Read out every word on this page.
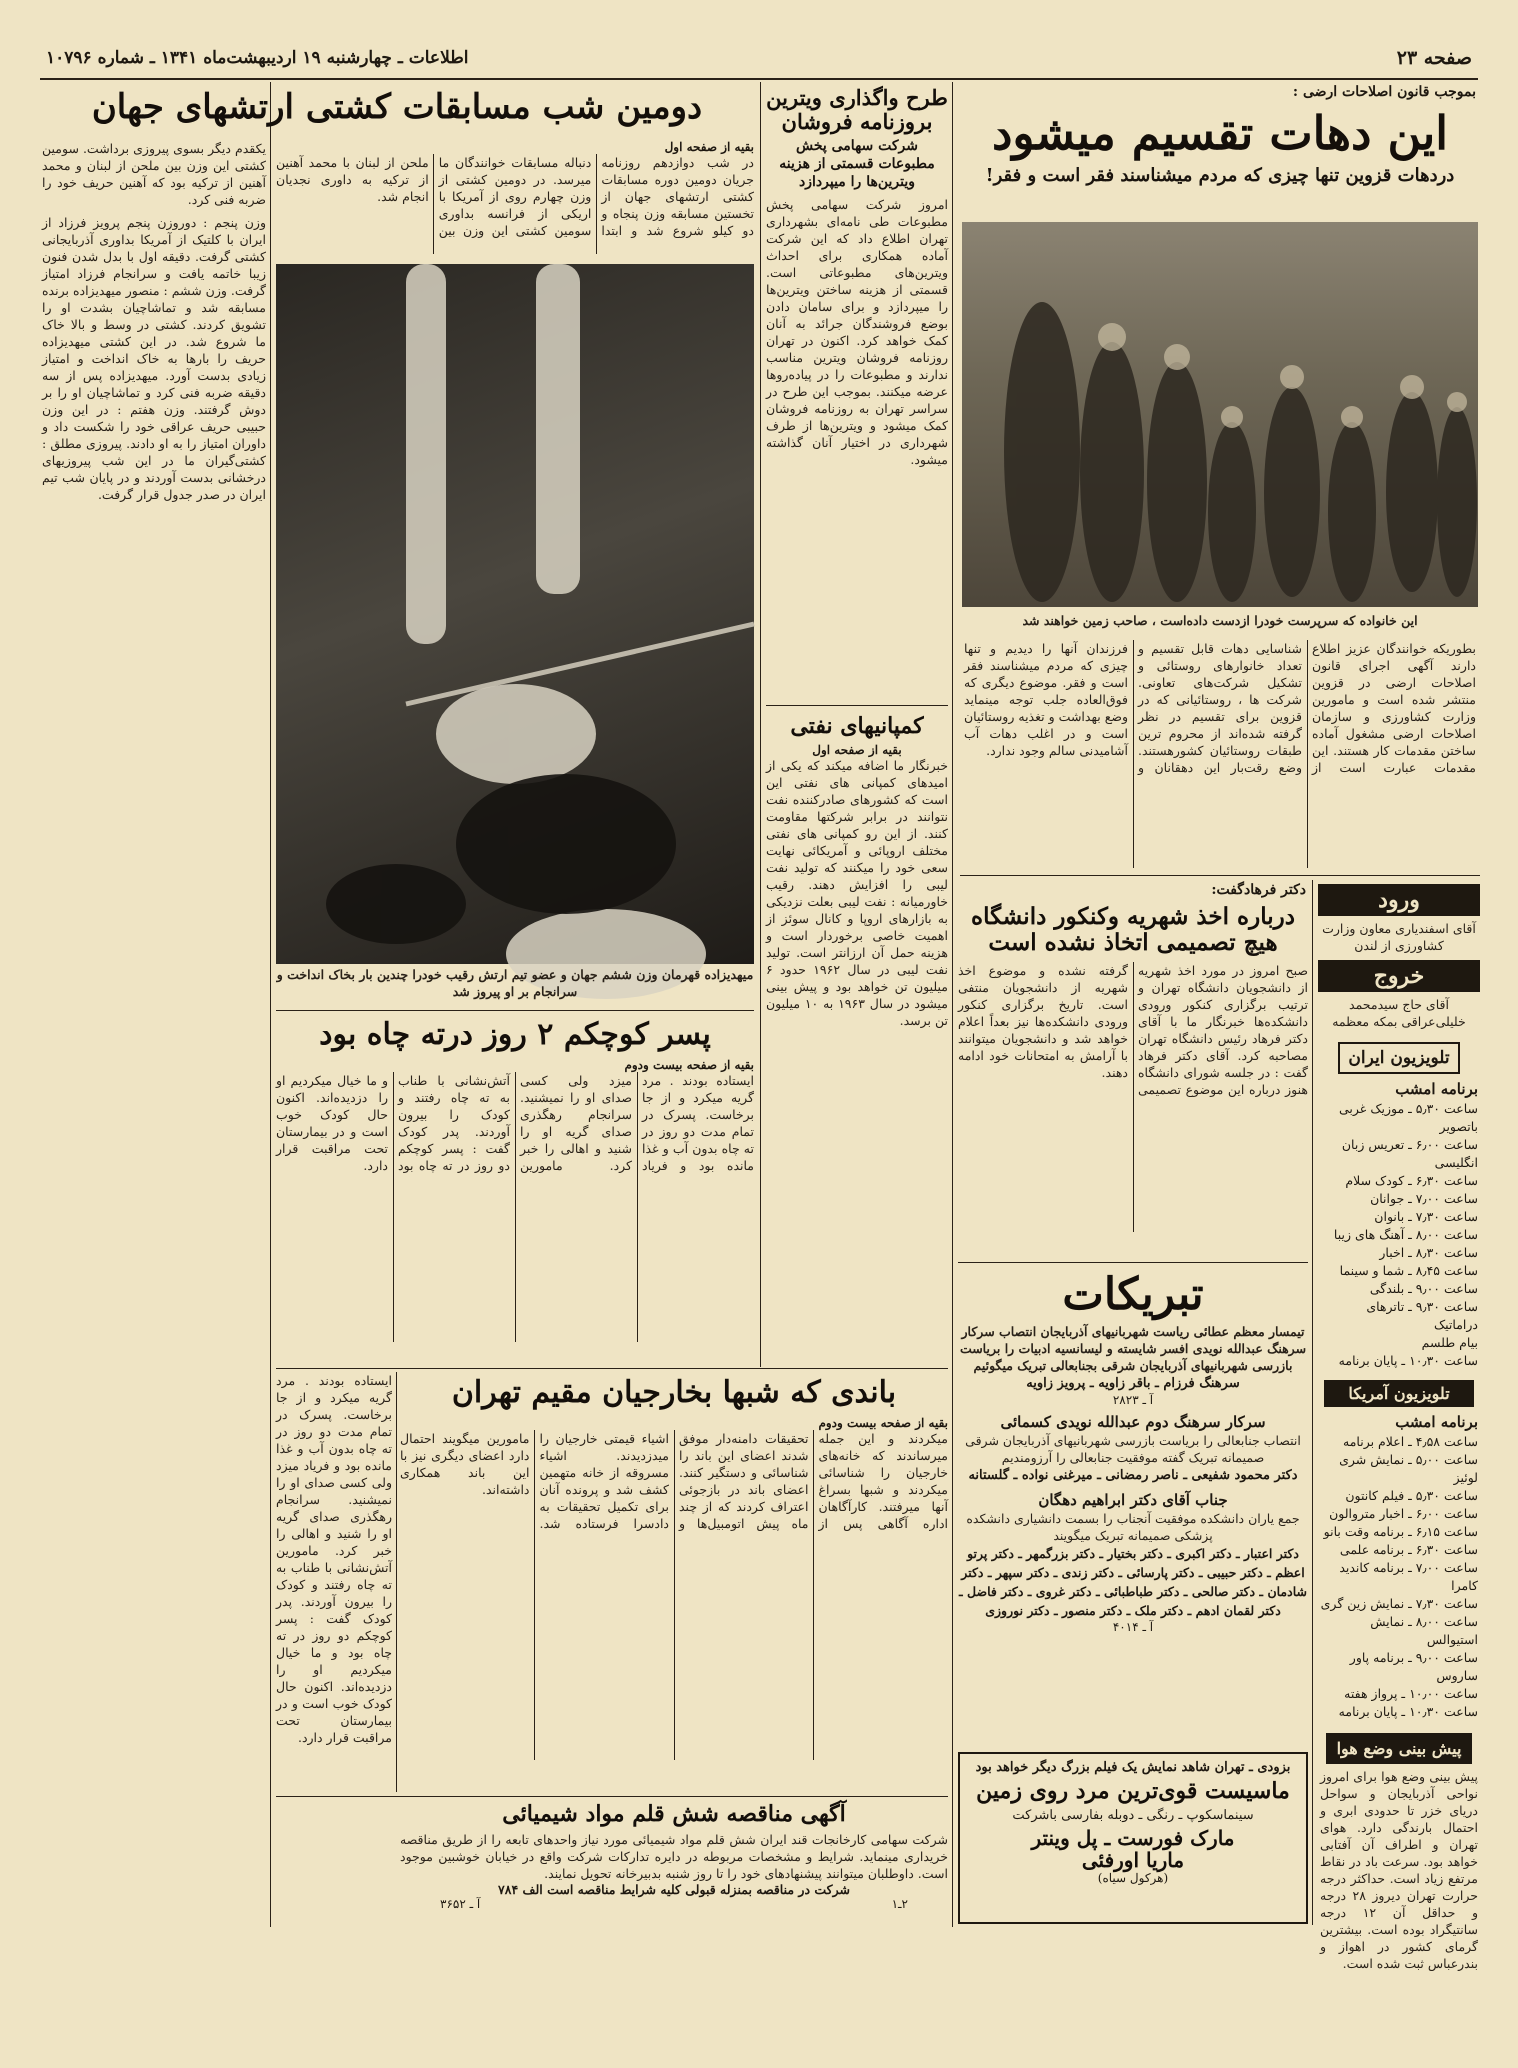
صفحه ۲۳
اطلاعات ـ چهارشنبه ۱۹ اردیبهشت‌ماه ۱۳۴۱ ـ شماره ۱۰۷۹۶
بموجب قانون اصلاحات ارضی :
این دهات تقسیم میشود
دردهات قزوین تنها چیزی که مردم میشناسند فقر است و فقر!
این خانواده که سرپرست خودرا ازدست داده‌است ، صاحب زمین خواهند شد
بطوریکه خوانندگان عزیز اطلاع دارند آگهی اجرای قانون اصلاحات ارضی در قزوین منتشر شده است و مامورین وزارت کشاورزی و سازمان اصلاحات ارضی مشغول آماده ساختن مقدمات کار هستند. این مقدمات عبارت است از شناسایی دهات قابل تقسیم و تعداد خانوارهای روستائی و تشکیل شرکت‌های تعاونی. شرکت ها ، روستائیانی که در قزوین برای تقسیم در نظر گرفته شده‌اند از محروم ترین طبقات روستائیان کشورهستند. وضع رقت‌بار این دهقانان و فرزندان آنها را دیدیم و تنها چیزی که مردم میشناسند فقر است و فقر. موضوع دیگری که فوق‌العاده جلب توجه مینماید وضع بهداشت و تغذیه روستائیان است و در اغلب دهات آب آشامیدنی سالم وجود ندارد.
ورود
آقای اسفندیاری معاون وزارت کشاورزی از لندن
خروج
آقای حاج سیدمحمد خلیلی‌عراقی بمکه معظمه
تلویزیون ایران
برنامه امشب
ساعت ۵٫۳۰ ـ موزیک غربی باتصویر
ساعت ۶٫۰۰ ـ تعریس زبان انگلیسی
ساعت ۶٫۳۰ ـ کودک سلام
ساعت ۷٫۰۰ ـ جوانان
ساعت ۷٫۳۰ ـ بانوان
ساعت ۸٫۰۰ ـ آهنگ های زیبا
ساعت ۸٫۳۰ ـ اخبار
ساعت ۸٫۴۵ ـ شما و سینما
ساعت ۹٫۰۰ ـ بلندگی
ساعت ۹٫۳۰ ـ تاترهای دراماتیک
بیام طلسم
ساعت ۱۰٫۳۰ ـ پایان برنامه
تلویزیون آمریکا
برنامه امشب
ساعت ۴٫۵۸ ـ اعلام برنامه
ساعت ۵٫۰۰ ـ نمایش شری لوئیز
ساعت ۵٫۳۰ ـ فیلم کانتون
ساعت ۶٫۰۰ ـ اخبار متروالون
ساعت ۶٫۱۵ ـ برنامه وقت بانو
ساعت ۶٫۳۰ ـ برنامه علمی
ساعت ۷٫۰۰ ـ برنامه کاندید کامرا
ساعت ۷٫۳۰ ـ نمایش زین گری
ساعت ۸٫۰۰ ـ نمایش استیوالس
ساعت ۹٫۰۰ ـ برنامه پاور ساروس
ساعت ۱۰٫۰۰ ـ پرواز هفته
ساعت ۱۰٫۳۰ ـ پایان برنامه
پیش بینی وضع هوا
پیش بینی وضع هوا برای امروز نواحی آذربایجان و سواحل دریای خزر تا حدودی ابری و احتمال بارندگی دارد. هوای تهران و اطراف آن آفتابی خواهد بود. سرعت باد در نقاط مرتفع زیاد است. حداکثر درجه حرارت تهران دیروز ۲۸ درجه و حداقل آن ۱۲ درجه سانتیگراد بوده است. بیشترین گرمای کشور در اهواز و بندرعباس ثبت شده است.
دکتر فرهادگفت:
درباره اخذ شهریه وکنکور دانشگاه هیچ تصمیمی اتخاذ نشده است
صبح امروز در مورد اخذ شهریه از دانشجویان دانشگاه تهران و ترتیب برگزاری کنکور ورودی دانشکده‌ها خبرنگار ما با آقای دکتر فرهاد رئیس دانشگاه تهران مصاحبه کرد. آقای دکتر فرهاد گفت : در جلسه شورای دانشگاه هنوز درباره این موضوع تصمیمی گرفته نشده و موضوع اخذ شهریه از دانشجویان منتفی است. تاریخ برگزاری کنکور ورودی دانشکده‌ها نیز بعداً اعلام خواهد شد و دانشجویان میتوانند با آرامش به امتحانات خود ادامه دهند.
تبریکات
تیمسار معظم عطائی ریاست شهربانیهای آذربایجان انتصاب سرکار سرهنگ عبدالله نویدی افسر شایسته و لیسانسیه ادبیات را بریاست بازرسی شهربانیهای آذربایجان شرقی بجنابعالی تبریک میگوئیم
سرهنگ فرزام ـ باقر زاویه ـ پرویز زاویه
آ ـ ۲۸۲۳
سرکار سرهنگ دوم عبدالله نویدی کسمائی
انتصاب جنابعالی را بریاست بازرسی شهربانیهای آذربایجان شرقی صمیمانه تبریک گفته موفقیت جنابعالی را آرزومندیم
دکتر محمود شفیعی ـ ناصر رمضانی ـ میرغنی نواده ـ گلستانه
جناب آقای دکتر ابراهیم دهگان
جمع یاران دانشکده موفقیت آنجناب را بسمت دانشیاری دانشکده پزشکی صمیمانه تبریک میگویند
دکتر اعتبار ـ دکتر اکبری ـ دکتر بختیار ـ دکتر بزرگمهر ـ دکتر پرتو اعظم ـ دکتر حبیبی ـ دکتر پارسائی ـ دکتر زندی ـ دکتر سپهر ـ دکتر شادمان ـ دکتر صالحی ـ دکتر طباطبائی ـ دکتر غروی ـ دکتر فاضل ـ دکتر لقمان ادهم ـ دکتر ملک ـ دکتر منصور ـ دکتر نوروزی
آ ـ ۴۰۱۴
بزودی ـ تهران شاهد نمایش یک فیلم بزرگ دیگر خواهد بود
ماسیست قوی‌ترین مرد روی زمین
سینماسکوپ ـ رنگی ـ دوبله بفارسی باشرکت
مارک فورست ـ پل وینتر
ماریا اورفئی
(هرکول سیاه)
طرح واگذاری ویترین بروزنامه فروشان
شرکت سهامی پخش مطبوعات قسمتی از هزینه ویترین‌ها را میپردازد
امروز شرکت سهامی پخش مطبوعات طی نامه‌ای بشهرداری تهران اطلاع داد که این شرکت آماده همکاری برای احداث ویترین‌های مطبوعاتی است. قسمتی از هزینه ساختن ویترین‌ها را میپردازد و برای سامان دادن بوضع فروشندگان جرائد به آنان کمک خواهد کرد. اکنون در تهران روزنامه فروشان ویترین مناسب ندارند و مطبوعات را در پیاده‌روها عرضه میکنند. بموجب این طرح در سراسر تهران به روزنامه فروشان کمک میشود و ویترین‌ها از طرف شهرداری در اختیار آنان گذاشته میشود.
کمپانیهای نفتی
بقیه از صفحه اول
خبرنگار ما اضافه میکند که یکی از امیدهای کمپانی های نفتی این است که کشورهای صادرکننده نفت نتوانند در برابر شرکتها مقاومت کنند. از این رو کمپانی های نفتی مختلف اروپائی و آمریکائی نهایت سعی خود را میکنند که تولید نفت لیبی را افزایش دهند. رقیب خاورمیانه : نفت لیبی بعلت نزدیکی به بازارهای اروپا و کانال سوئز از اهمیت خاصی برخوردار است و هزینه حمل آن ارزانتر است. تولید نفت لیبی در سال ۱۹۶۲ حدود ۶ میلیون تن خواهد بود و پیش بینی میشود در سال ۱۹۶۳ به ۱۰ میلیون تن برسد.
دومین شب مسابقات کشتی ارتشهای جهان
بقیه از صفحه اول
در شب دوازدهم روزنامه جریان دومین دوره مسابقات کشتی ارتشهای جهان از تخستین مسابقه وزن پنجاه و دو کیلو شروع شد و ابتدا دنباله مسابقات خوانندگان ما میرسد. در دومین کشتی از وزن چهارم روی از آمریکا با اریکی از فرانسه بداوری سومین کشتی این وزن بین ملحن از لبنان با محمد آهنین از ترکیه به داوری نجدیان انجام شد.
میهدیزاده قهرمان وزن ششم جهان و عضو تیم ارتش رقیب خودرا چندین بار بخاک انداخت و سرانجام بر او پیروز شد
یکقدم دیگر بسوی پیروزی برداشت. سومین کشتی این وزن بین ملحن از لبنان و محمد آهنین از ترکیه بود که آهنین حریف خود را ضربه فنی کرد.
وزن پنجم : دوروزن پنجم پرویز فرزاد از ایران با کلتیک از آمریکا بداوری آذربایجانی کشتی گرفت. دقیقه اول با بدل شدن فنون زیبا خاتمه یافت و سرانجام فرزاد امتیاز گرفت. وزن ششم : منصور میهدیزاده برنده مسابقه شد و تماشاچیان بشدت او را تشویق کردند. کشتی در وسط و بالا خاک ما شروع شد. در این کشتی میهدیزاده حریف را بارها به خاک انداخت و امتیاز زیادی بدست آورد. میهدیزاده پس از سه دقیقه ضربه فنی کرد و تماشاچیان او را بر دوش گرفتند. وزن هفتم : در این وزن حبیبی حریف عراقی خود را شکست داد و داوران امتیاز را به او دادند. پیروزی مطلق : کشتی‌گیران ما در این شب پیروزیهای درخشانی بدست آوردند و در پایان شب تیم ایران در صدر جدول قرار گرفت.
پسر کوچکم ۲ روز درته چاه بود
بقیه از صفحه بیست ودوم
ایستاده بودند . مرد گریه میکرد و از جا برخاست. پسرک در تمام مدت دو روز در ته چاه بدون آب و غذا مانده بود و فریاد میزد ولی کسی صدای او را نمیشنید. سرانجام رهگذری صدای گریه او را شنید و اهالی را خبر کرد. مامورین آتش‌نشانی با طناب به ته چاه رفتند و کودک را بیرون آوردند. پدر کودک گفت : پسر کوچکم دو روز در ته چاه بود و ما خیال میکردیم او را دزدیده‌اند. اکنون حال کودک خوب است و در بیمارستان تحت مراقبت قرار دارد.
باندی که شبها بخارجیان مقیم تهران
بقیه از صفحه بیست ودوم
میکردند و این جمله میرساندند که خانه‌های خارجیان را شناسائی میکردند و شبها بسراغ آنها میرفتند. کارآگاهان اداره آگاهی پس از تحقیقات دامنه‌دار موفق شدند اعضای این باند را شناسائی و دستگیر کنند. اعضای باند در بازجوئی اعتراف کردند که از چند ماه پیش اتومبیل‌ها و اشیاء قیمتی خارجیان را میدزدیدند. اشیاء مسروقه از خانه متهمین کشف شد و پرونده آنان برای تکمیل تحقیقات به دادسرا فرستاده شد. مامورین میگویند احتمال دارد اعضای دیگری نیز با این باند همکاری داشته‌اند.
ایستاده بودند . مرد گریه میکرد و از جا برخاست. پسرک در تمام مدت دو روز در ته چاه بدون آب و غذا مانده بود و فریاد میزد ولی کسی صدای او را نمیشنید. سرانجام رهگذری صدای گریه او را شنید و اهالی را خبر کرد. مامورین آتش‌نشانی با طناب به ته چاه رفتند و کودک را بیرون آوردند. پدر کودک گفت : پسر کوچکم دو روز در ته چاه بود و ما خیال میکردیم او را دزدیده‌اند. اکنون حال کودک خوب است و در بیمارستان تحت مراقبت قرار دارد.
آگهی مناقصه شش قلم مواد شیمیائی
شرکت سهامی کارخانجات قند ایران شش قلم مواد شیمیائی مورد نیاز واحدهای تابعه را از طریق مناقصه خریداری مینماید. شرایط و مشخصات مربوطه در دایره تدارکات شرکت واقع در خیابان خوشبین موجود است. داوطلبان میتوانند پیشنهادهای خود را تا روز شنبه بدبیرخانه تحویل نمایند.
شرکت در مناقصه بمنزله قبولی کلیه شرایط مناقصه است الف ۷۸۴
۲ـ۱
آ ـ ۳۶۵۲
